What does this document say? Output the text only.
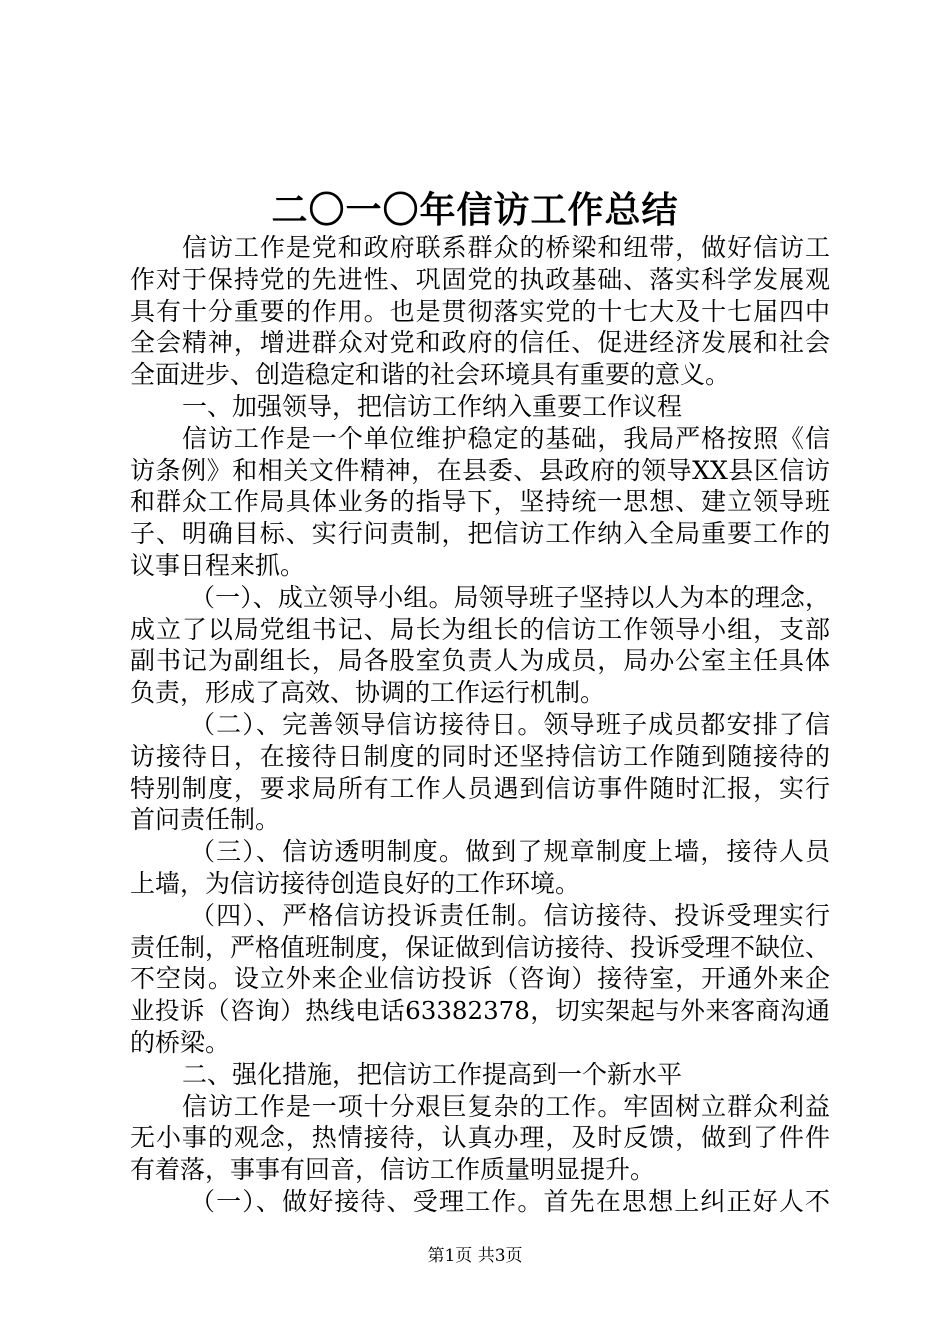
二〇一〇年信访工作总结
信访工作是党和政府联系群众的桥梁和纽带，做好信访工
作对于保持党的先进性、巩固党的执政基础、落实科学发展观
具有十分重要的作用。也是贯彻落实党的十七大及十七届四中
全会精神，增进群众对党和政府的信任、促进经济发展和社会
全面进步、创造稳定和谐的社会环境具有重要的意义。
一、加强领导，把信访工作纳入重要工作议程
信访工作是一个单位维护稳定的基础，我局严格按照《信
访条例》和相关文件精神，在县委、县政府的领导XX县区信访
和群众工作局具体业务的指导下，坚持统一思想、建立领导班
子、明确目标、实行问责制，把信访工作纳入全局重要工作的
议事日程来抓。
（一）、成立领导小组。局领导班子坚持以人为本的理念，
成立了以局党组书记、局长为组长的信访工作领导小组，支部
副书记为副组长，局各股室负责人为成员，局办公室主任具体
负责，形成了高效、协调的工作运行机制。
（二）、完善领导信访接待日。领导班子成员都安排了信
访接待日，在接待日制度的同时还坚持信访工作随到随接待的
特别制度，要求局所有工作人员遇到信访事件随时汇报，实行
首问责任制。
（三）、信访透明制度。做到了规章制度上墙，接待人员
上墙，为信访接待创造良好的工作环境。
（四）、严格信访投诉责任制。信访接待、投诉受理实行
责任制，严格值班制度，保证做到信访接待、投诉受理不缺位、
不空岗。设立外来企业信访投诉（咨询）接待室，开通外来企
业投诉（咨询）热线电话63382378，切实架起与外来客商沟通
的桥梁。
二、强化措施，把信访工作提高到一个新水平
信访工作是一项十分艰巨复杂的工作。牢固树立群众利益
无小事的观念，热情接待，认真办理，及时反馈，做到了件件
有着落，事事有回音，信访工作质量明显提升。
（一）、做好接待、受理工作。首先在思想上纠正好人不
第1页 共3页
